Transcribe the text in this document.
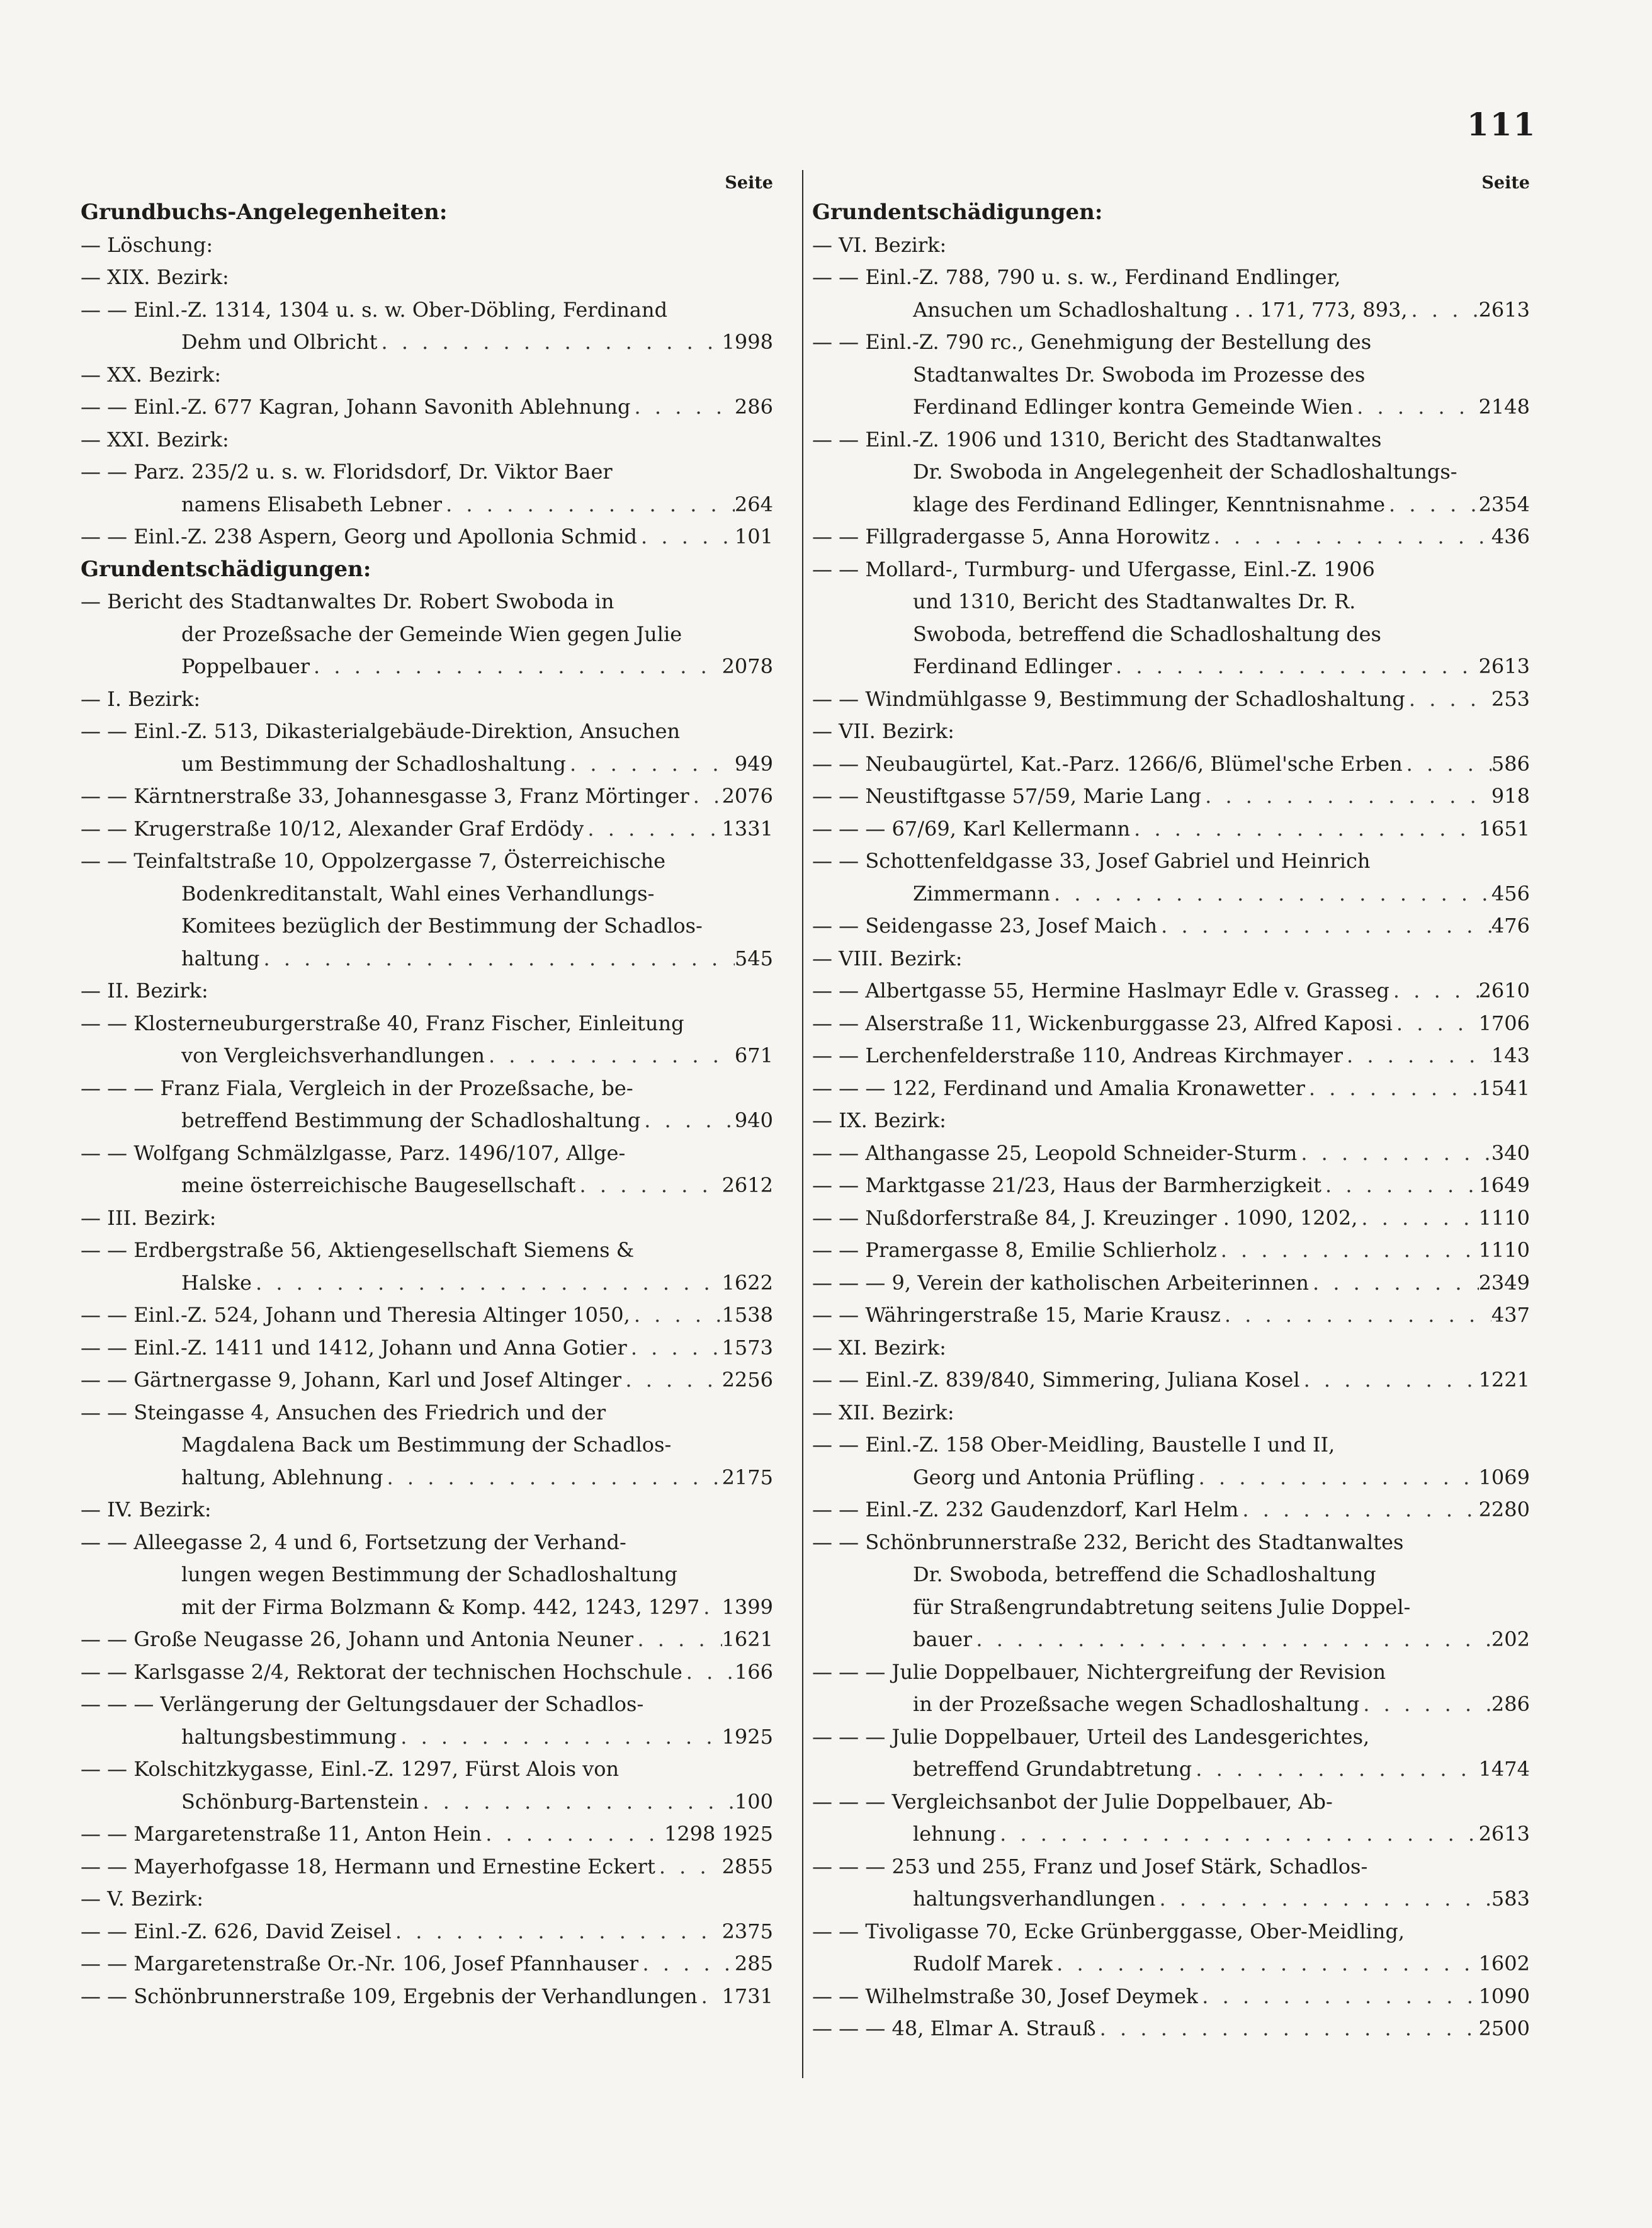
111
Seite
Grundbuchs-Angelegenheiten:
— Löschung:
— XIX. Bezirk:
— — Einl.-Z. 1314, 1304 u. s. w. Ober-Döbling, Ferdinand
Dehm und Olbricht . . .	1998
— XX. Bezirk:
— — Einl.-Z. 677 Kagran, Johann Savonith Ablehnung . . .	286
— XXI. Bezirk:
— — Parz. 235/2 u. s. w. Floridsdorf, Dr. Viktor Baer
namens Elisabeth Lebner . . .	264
— — Einl.-Z. 238 Aspern, Georg und Apollonia Schmid . . .	101
Grundentschädigungen:
— Bericht des Stadtanwaltes Dr. Robert Swoboda in
der Prozeßsache der Gemeinde Wien gegen Julie
Poppelbauer . . .	2078
— I. Bezirk:
— — Einl.-Z. 513, Dikasterialgebäude-Direktion, Ansuchen
um Bestimmung der Schadloshaltung . . .	949
— — Kärntnerstraße 33, Johannesgasse 3, Franz Mörtinger . . . 2076
— — Krugerstraße 10/12, Alexander Graf Erdödy . . .	1331
— — Teinfaltstraße 10, Oppolzergasse 7, Österreichische
Bodenkreditanstalt, Wahl eines Verhandlungs-
Komitees bezüglich der Bestimmung der Schadlos-
haltung . . .	545
— II. Bezirk:
— — Klosterneuburgerstraße 40, Franz Fischer, Einleitung
von Vergleichsverhandlungen . . .	671
— — — Franz Fiala, Vergleich in der Prozeßsache, be-
betreffend Bestimmung der Schadloshaltung . . .	940
— — Wolfgang Schmälzlgasse, Parz. 1496/107, Allge-
meine österreichische Baugesellschaft . . .	2612
— III. Bezirk:
— — Erdbergstraße 56, Aktiengesellschaft Siemens &
Halske . . .	1622
— — Einl.-Z. 524, Johann und Theresia Altinger 1050, . . .	1538
— — Einl.-Z. 1411 und 1412, Johann und Anna Gotier . . .	1573
— — Gärtnergasse 9, Johann, Karl und Josef Altinger . . .	2256
— — Steingasse 4, Ansuchen des Friedrich und der
Magdalena Back um Bestimmung der Schadlos-
haltung, Ablehnung . . .	2175
— IV. Bezirk:
— — Alleegasse 2, 4 und 6, Fortsetzung der Verhand-
lungen wegen Bestimmung der Schadloshaltung
mit der Firma Bolzmann & Komp. 442, 1243, 1297 . . . 1399
— — Große Neugasse 26, Johann und Antonia Neuner . . .	1621
— — Karlsgasse 2/4, Rektorat der technischen Hochschule . . .	166
— — — Verlängerung der Geltungsdauer der Schadlos-
haltungsbestimmung . . .	1925
— — Kolschitzkygasse, Einl.-Z. 1297, Fürst Alois von
Schönburg-Bartenstein . . .	100
— — Margaretenstraße 11, Anton Hein . . .	1298 1925
— — Mayerhofgasse 18, Hermann und Ernestine Eckert . . .	2855
— V. Bezirk:
— — Einl.-Z. 626, David Zeisel . . .	2375
— — Margaretenstraße Or.-Nr. 106, Josef Pfannhauser . . .	285
— — Schönbrunnerstraße 109, Ergebnis der Verhandlungen . . . 1731
Seite
Grundentschädigungen:
— VI. Bezirk:
— — Einl.-Z. 788, 790 u. s. w., Ferdinand Endlinger,
Ansuchen um Schadloshaltung . . 171, 773, 893, . . .	2613
— — Einl.-Z. 790 rc., Genehmigung der Bestellung des
Stadtanwaltes Dr. Swoboda im Prozesse des
Ferdinand Edlinger kontra Gemeinde Wien . . .	2148
— — Einl.-Z. 1906 und 1310, Bericht des Stadtanwaltes
Dr. Swoboda in Angelegenheit der Schadloshaltungs-
klage des Ferdinand Edlinger, Kenntnisnahme . . .	2354
— — Fillgradergasse 5, Anna Horowitz . . .	436
— — Mollard-, Turmburg- und Ufergasse, Einl.-Z. 1906
und 1310, Bericht des Stadtanwaltes Dr. R.
Swoboda, betreffend die Schadloshaltung des
Ferdinand Edlinger . . .	2613
— — Windmühlgasse 9, Bestimmung der Schadloshaltung . . .	253
— VII. Bezirk:
— — Neubaugürtel, Kat.-Parz. 1266/6, Blümel'sche Erben . . .	586
— — Neustiftgasse 57/59, Marie Lang . . .	918
— — — 67/69, Karl Kellermann . . .	1651
— — Schottenfeldgasse 33, Josef Gabriel und Heinrich
Zimmermann . . .	456
— — Seidengasse 23, Josef Maich . . .	476
— VIII. Bezirk:
— — Albertgasse 55, Hermine Haslmayr Edle v. Grasseg . . .	2610
— — Alserstraße 11, Wickenburggasse 23, Alfred Kaposi . . .	1706
— — Lerchenfelderstraße 110, Andreas Kirchmayer . . .	143
— — — 122, Ferdinand und Amalia Kronawetter . . .	1541
— IX. Bezirk:
— — Althangasse 25, Leopold Schneider-Sturm . . .	340
— — Marktgasse 21/23, Haus der Barmherzigkeit . . .	1649
— — Nußdorferstraße 84, J. Kreuzinger . 1090, 1202, . . .	1110
— — Pramergasse 8, Emilie Schlierholz . . .	1110
— — — 9, Verein der katholischen Arbeiterinnen . . .	2349
— — Währingerstraße 15, Marie Krausz . . .	437
— XI. Bezirk:
— — Einl.-Z. 839/840, Simmering, Juliana Kosel . . .	1221
— XII. Bezirk:
— — Einl.-Z. 158 Ober-Meidling, Baustelle I und II,
Georg und Antonia Prüfling . . .	1069
— — Einl.-Z. 232 Gaudenzdorf, Karl Helm . . .	2280
— — Schönbrunnerstraße 232, Bericht des Stadtanwaltes
Dr. Swoboda, betreffend die Schadloshaltung
für Straßengrundabtretung seitens Julie Doppel-
bauer . . .	202
— — — Julie Doppelbauer, Nichtergreifung der Revision
in der Prozeßsache wegen Schadloshaltung . . .	286
— — — Julie Doppelbauer, Urteil des Landesgerichtes,
betreffend Grundabtretung . . .	1474
— — — Vergleichsanbot der Julie Doppelbauer, Ab-
lehnung . . .	2613
— — — 253 und 255, Franz und Josef Stärk, Schadlos-
haltungsverhandlungen . . .	583
— — Tivoligasse 70, Ecke Grünberggasse, Ober-Meidling,
Rudolf Marek . . .	1602
— — Wilhelmstraße 30, Josef Deymek . . .	1090
— — — 48, Elmar A. Strauß . . .	2500
